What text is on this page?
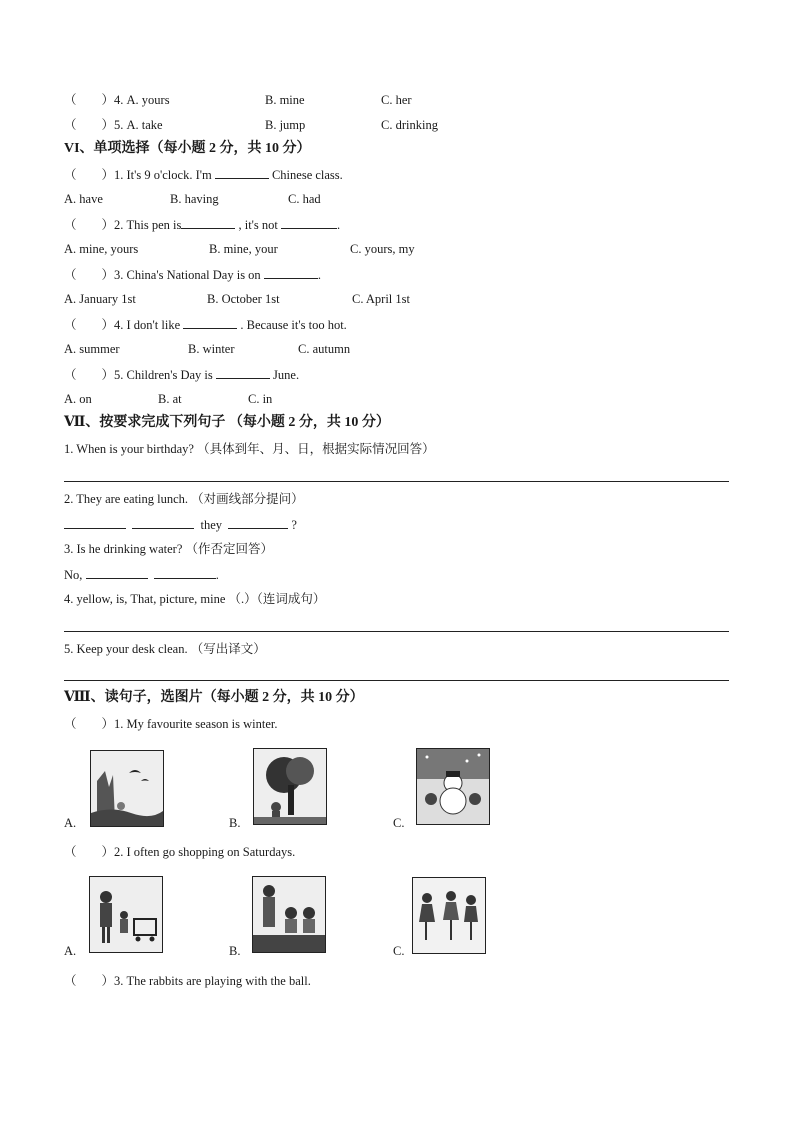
（　　）4. A. yours	B. mine	C. her
（　　）5. A. take	B. jump	C. drinking
VI、单项选择（每小题 2 分，共 10 分）
（　　）1. It's 9 o'clock. I'm	Chinese class.
A. have	B. having	C. had
（　　）2. This pen is	, it's not	.
A. mine, yours	B. mine, your	C. yours, my
（　　）3. China's National Day is on	.
A. January 1st	B. October 1st	C. April 1st
（　　）4. I don't like	. Because it's too hot.
A. summer	B. winter	C. autumn
（　　）5. Children's Day is	June.
A. on	B. at	C. in
Ⅶ、按要求完成下列句子 （每小题 2 分，共 10 分）
1. When is your birthday? （具体到年、月、日，根据实际情况回答）
2. They are eating lunch. （对画线部分提问）
they	?
3. Is he drinking water? （作否定回答）
No,	.
4. yellow, is, That, picture, mine （.）（连词成句）
5. Keep your desk clean. （写出译文）
Ⅷ、读句子，选图片（每小题 2 分，共 10 分）
（　　）1. My favourite season is winter.
A.	B.	C.
（　　）2. I often go shopping on Saturdays.
A.	B.	C.
（　　）3. The rabbits are playing with the ball.
